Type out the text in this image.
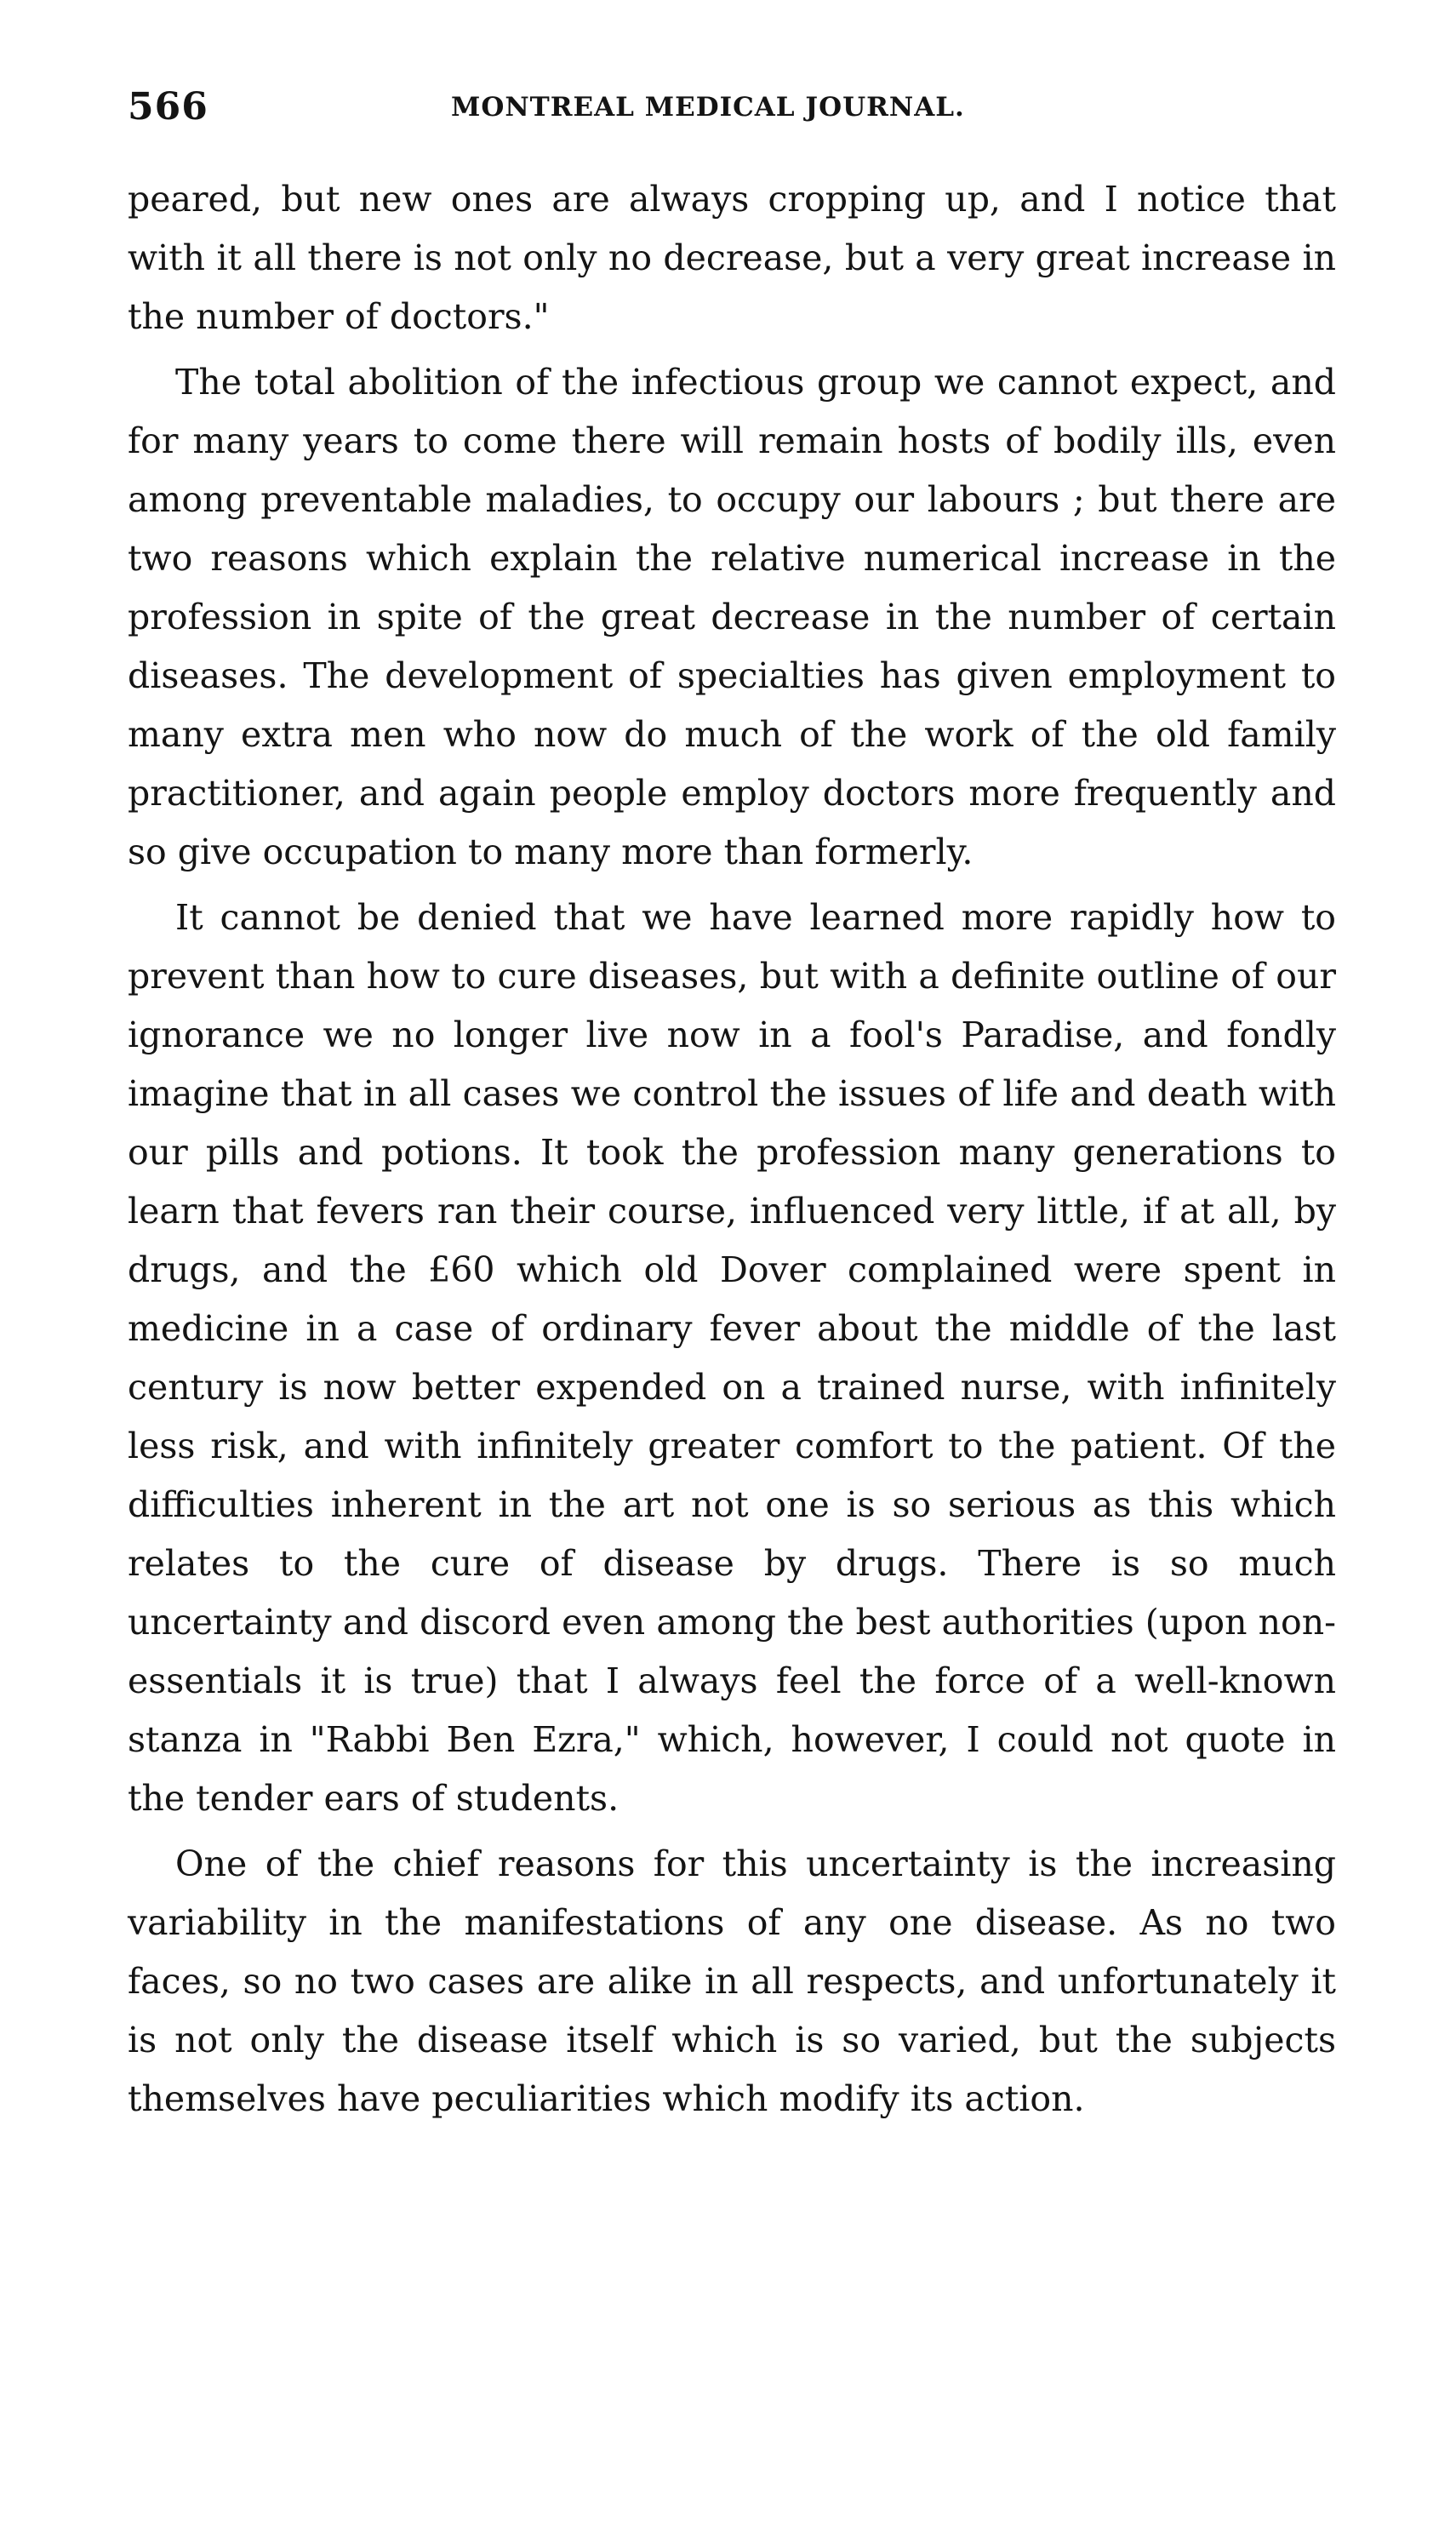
566	MONTREAL MEDICAL JOURNAL.

peared, but new ones are always cropping up, and I notice that with it all there is not only no decrease, but a very great increase in the number of doctors."

The total abolition of the infectious group we cannot expect, and for many years to come there will remain hosts of bodily ills, even among preventable maladies, to occupy our labours ; but there are two reasons which explain the relative numerical increase in the profession in spite of the great decrease in the number of certain diseases. The development of specialties has given employment to many extra men who now do much of the work of the old family practitioner, and again people employ doctors more frequently and so give occupation to many more than formerly.

It cannot be denied that we have learned more rapidly how to prevent than how to cure diseases, but with a definite outline of our ignorance we no longer live now in a fool's Paradise, and fondly imagine that in all cases we control the issues of life and death with our pills and potions. It took the profession many generations to learn that fevers ran their course, influenced very little, if at all, by drugs, and the £60 which old Dover complained were spent in medicine in a case of ordinary fever about the middle of the last century is now better expended on a trained nurse, with infinitely less risk, and with infinitely greater comfort to the patient. Of the difficulties inherent in the art not one is so serious as this which relates to the cure of disease by drugs. There is so much uncertainty and discord even among the best authorities (upon non-essentials it is true) that I always feel the force of a well-known stanza in "Rabbi Ben Ezra," which, however, I could not quote in the tender ears of students.

One of the chief reasons for this uncertainty is the increasing variability in the manifestations of any one disease. As no two faces, so no two cases are alike in all respects, and unfortunately it is not only the disease itself which is so varied, but the subjects themselves have peculiarities which modify its action.
